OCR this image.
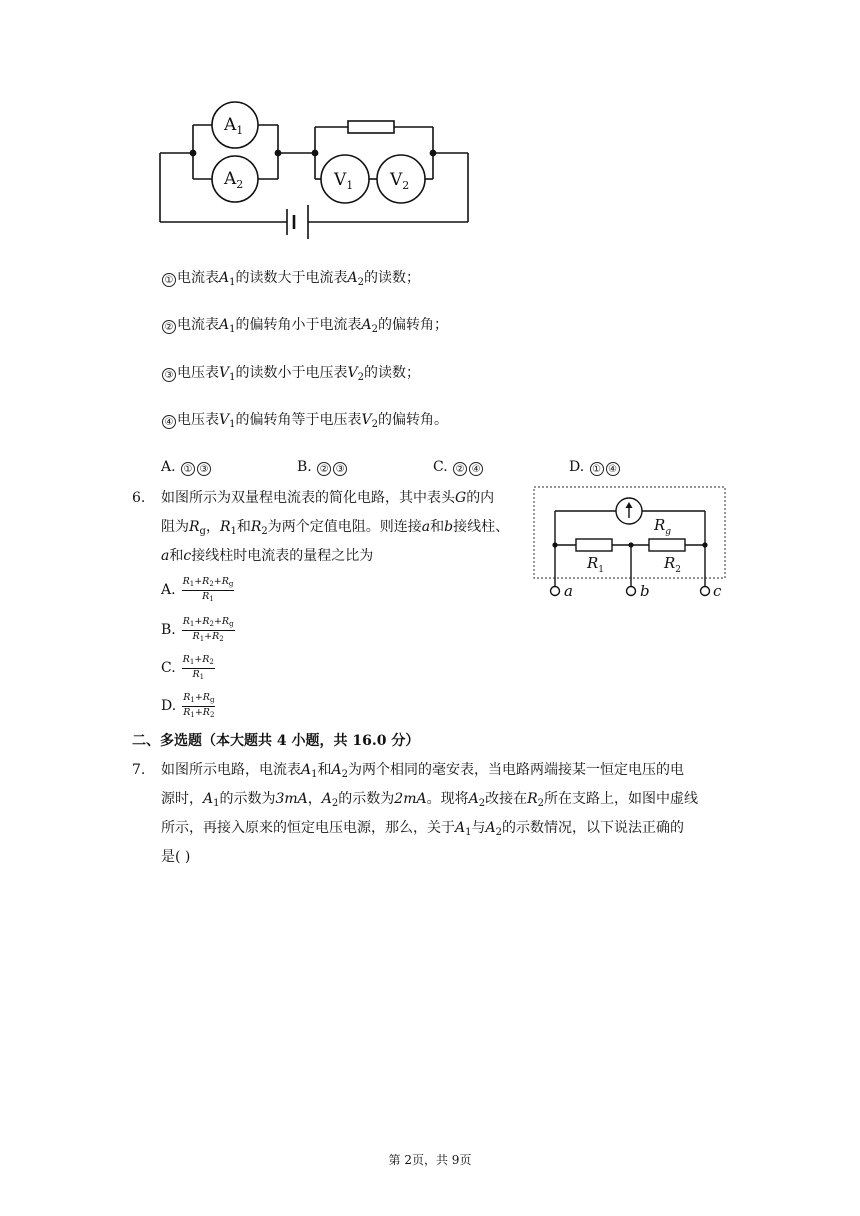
$A_1$
$A_2$	$V_1$ $V_2$
① 电流表$A_1$的读数大于电流表$A_2$的读数；
② 电流表$A_1$的偏转角小于电流表$A_2$的偏转角；
③ 电压表$V_1$的读数小于电压表$V_2$的读数；
④ 电压表$V_1$的偏转角等于电压表$V_2$的偏转角。
A. ① ③	B. ② ③	C. ② ④	D. ① ④
6. 如图所示为双量程电流表的简化电路，其中表头G的内
阻为$R_g$，$R_1$和$R_2$为两个定值电阻。则连接a和b接线柱、
a和c接线柱时电流表的量程之比为
A. $\frac{R_1+R_2+R_g}{R_1}$
B. $\frac{R_1+R_2+R_g}{R_1+R_2}$
C. $\frac{R_1+R_2}{R_1}$
D. $\frac{R_1+R_g}{R_1+R_2}$
$R_g$
$R_1$	$R_2$
a	b	c
二、多选题（本大题共 4 小题，共 16.0 分）
7. 如图所示电路，电流表$A_1$和$A_2$为两个相同的毫安表，当电路两端接某一恒定电压的电
源时，$A_1$的示数为3mA，$A_2$的示数为2mA。现将$A_2$改接在$R_2$所在支路上，如图中虚线
所示，再接入原来的恒定电压电源，那么，关于$A_1$与$A_2$的示数情况，以下说法正确的
是( )
第 2页，共 9页
